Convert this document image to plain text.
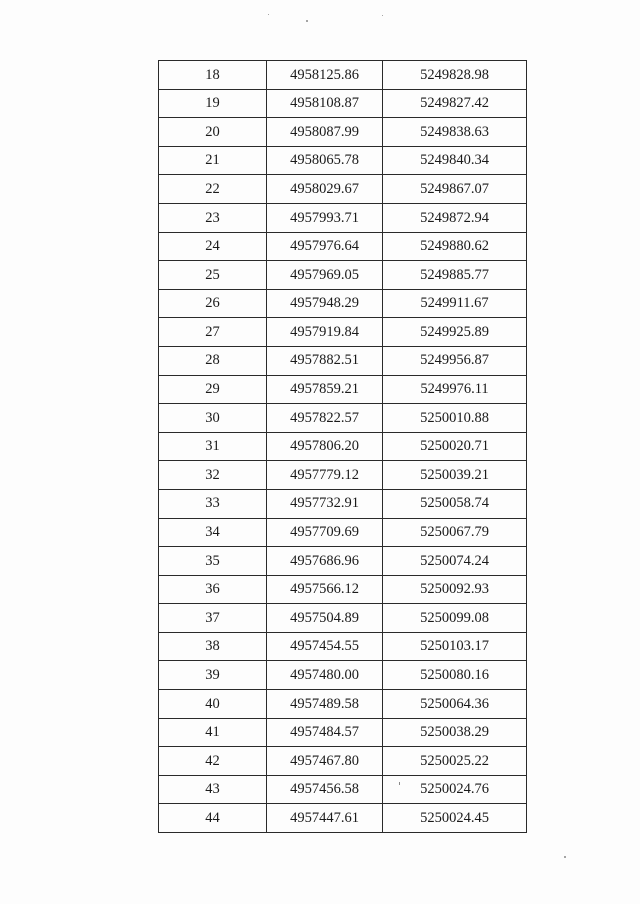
18	4958125.86	5249828.98
19	4958108.87	5249827.42
20	4958087.99	5249838.63
21	4958065.78	5249840.34
22	4958029.67	5249867.07
23	4957993.71	5249872.94
24	4957976.64	5249880.62
25	4957969.05	5249885.77
26	4957948.29	5249911.67
27	4957919.84	5249925.89
28	4957882.51	5249956.87
29	4957859.21	5249976.11
30	4957822.57	5250010.88
31	4957806.20	5250020.71
32	4957779.12	5250039.21
33	4957732.91	5250058.74
34	4957709.69	5250067.79
35	4957686.96	5250074.24
36	4957566.12	5250092.93
37	4957504.89	5250099.08
38	4957454.55	5250103.17
39	4957480.00	5250080.16
40	4957489.58	5250064.36
41	4957484.57	5250038.29
42	4957467.80	5250025.22
43	4957456.58	5250024.76
44	4957447.61	5250024.45
